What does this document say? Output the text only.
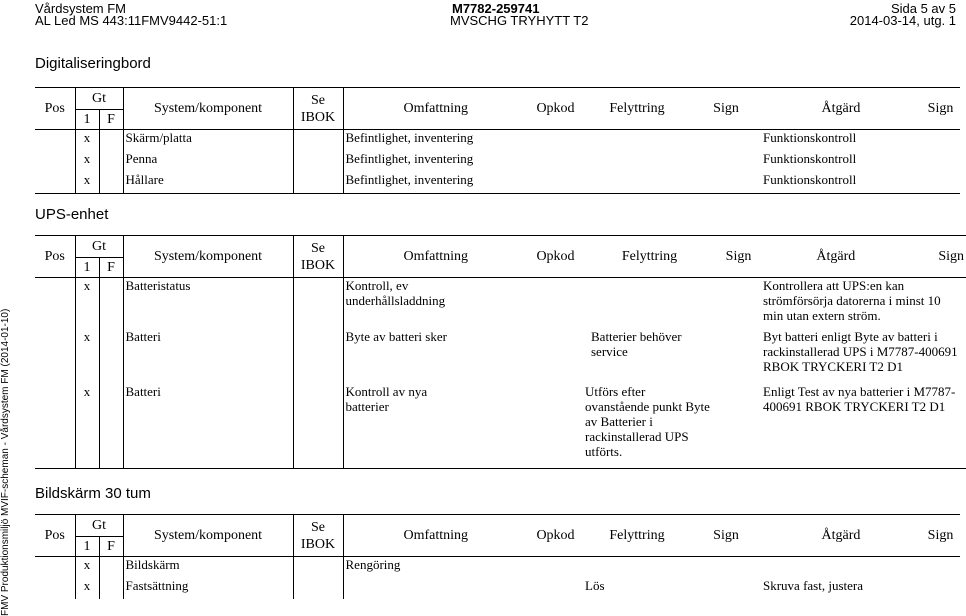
Vårdsystem FM
AL Led MS 443:11FMV9442-51:1
M7782-259741
MVSCHG TRYHYTT T2
Sida 5 av 5
2014-03-14, utg. 1
FMV Produktionsmiljö MVIF-scheman - Vårdsystem FM (2014-01-10)
Digitaliseringbord
Pos	Gt		System/komponent	Se
IBOK	Omfattning	Opkod	Felyttring	Sign	Åtgärd	Sign
	1	F								
	x		Skärm/platta		Befintlighet, inventering				Funktionskontroll	
	x		Penna		Befintlighet, inventering				Funktionskontroll	
	x		Hållare		Befintlighet, inventering				Funktionskontroll	
UPS-enhet
Pos	Gt		System/komponent	Se
IBOK	Omfattning	Opkod	Felyttring	Sign	Åtgärd Sign	
	1	F								
	x		Batteristatus		Kontroll, ev underhållsladdning				Kontrollera att UPS:en kan strömförsörja datorerna i minst 10 min utan extern ström.	
	x		Batteri		Byte av batteri sker		Batterier behöver service		Byt batteri enligt Byte av batteri i rackinstallerad UPS i M7787-400691 RBOK TRYCKERI T2 D1	
	x		Batteri		Kontroll av nya batterier		Utförs efter ovanstående punkt Byte av Batterier i rackinstallerad UPS utförts.		Enligt Test av nya batterier i M7787-400691 RBOK TRYCKERI T2 D1	
Bildskärm 30 tum
Pos	Gt		System/komponent	Se
IBOK	Omfattning	Opkod	Felyttring	Sign	Åtgärd	Sign
	1	F								
	x		Bildskärm		Rengöring					
	x		Fastsättning				Lös		Skruva fast, justera	
